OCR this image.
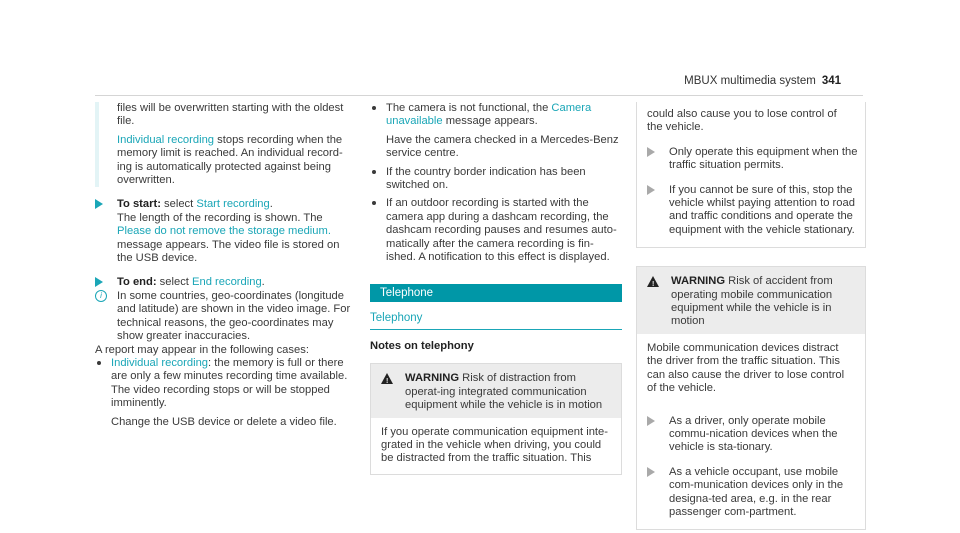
MBUX multimedia system 341

files will be overwritten starting with the oldest file.

Individual recording stops recording when the memory limit is reached. An individual record-ing is automatically protected against being overwritten.

To start: select Start recording.
The length of the recording is shown. The
Please do not remove the storage medium.
message appears. The video file is stored on the USB device.
To end: select End recording.
i	In some countries, geo-coordinates (longitude and latitude) are shown in the video image. For technical reasons, the geo-coordinates may show greater inaccuracies.

A report may appear in the following cases:

Individual recording: the memory is full or there are only a few minutes recording time available. The video recording stops or will be stopped imminently.
Change the USB device or delete a video file.
The camera is not functional, the Camera unavailable message appears.
Have the camera checked in a Mercedes-Benz service centre.
If the country border indication has been switched on.
If an outdoor recording is started with the camera app during a dashcam recording, the dashcam recording pauses and resumes auto-matically after the camera recording is fin-ished. A notification to this effect is displayed.
Telephone
Telephony
Notes on telephony
! WARNING Risk of distraction from operat-ing integrated communication equipment while the vehicle is in motion
If you operate communication equipment inte-grated in the vehicle when driving, you could be distracted from the traffic situation. This

could also cause you to lose control of the vehicle.

Only operate this equipment when the traffic situation permits.
If you cannot be sure of this, stop the vehicle whilst paying attention to road and traffic conditions and operate the equipment with the vehicle stationary.
! WARNING Risk of accident from operating mobile communication equipment while the vehicle is in motion
Mobile communication devices distract the driver from the traffic situation. This can also cause the driver to lose control of the vehicle.
As a driver, only operate mobile commu-nication devices when the vehicle is sta-tionary.
As a vehicle occupant, use mobile com-munication devices only in the designa-ted area, e.g. in the rear passenger com-partment.
